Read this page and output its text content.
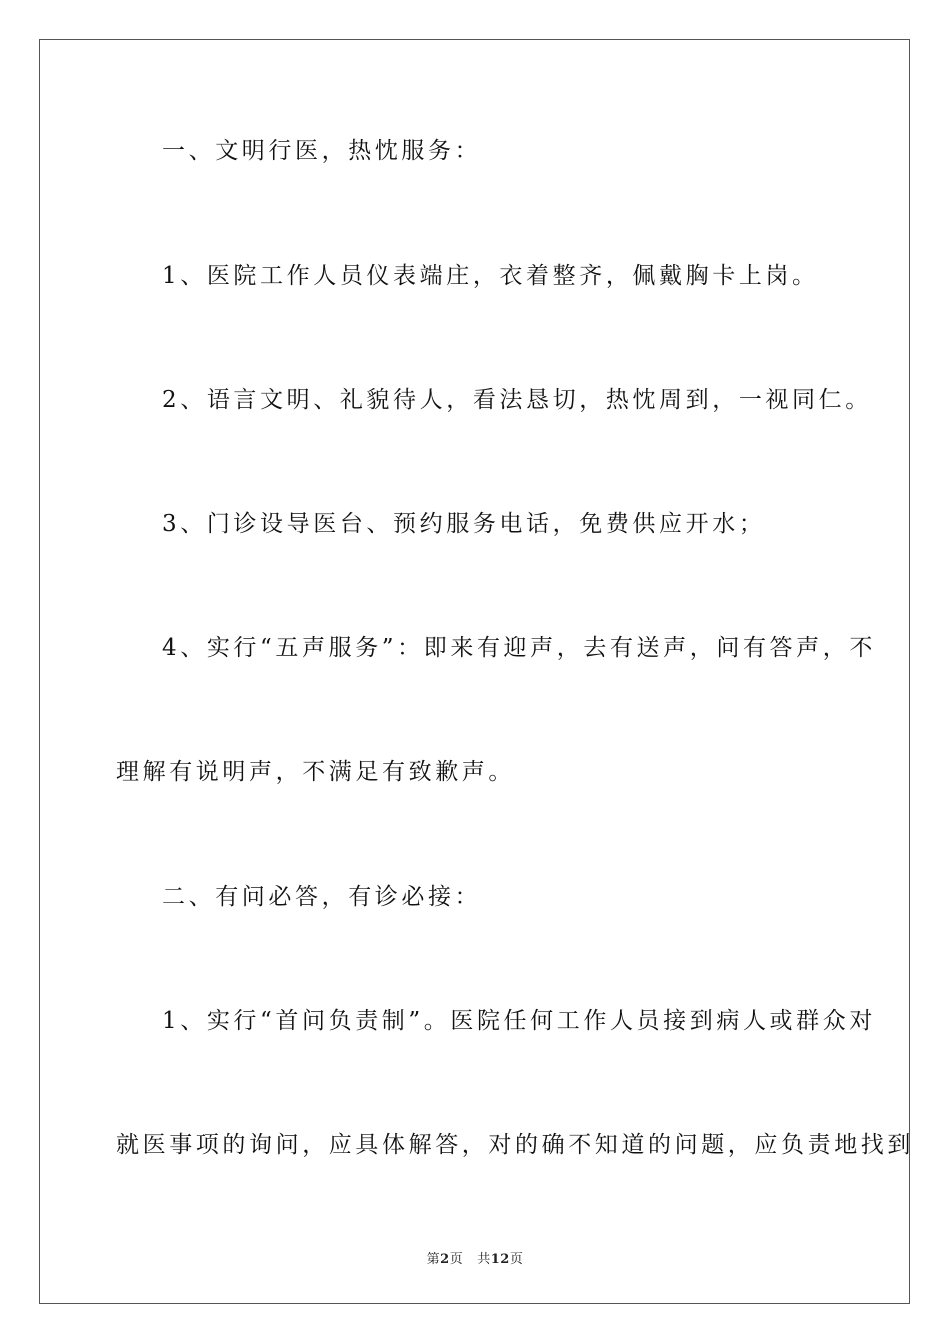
一、文明行医，热忱服务：
1、医院工作人员仪表端庄，衣着整齐，佩戴胸卡上岗。
2、语言文明、礼貌待人，看法恳切，热忱周到，一视同仁。
3、门诊设导医台、预约服务电话，免费供应开水；
4、实行“五声服务”：即来有迎声，去有送声，问有答声，不
理解有说明声，不满足有致歉声。
二、有问必答，有诊必接：
1、实行“首问负责制”。医院任何工作人员接到病人或群众对
就医事项的询问，应具体解答，对的确不知道的问题，应负责地找到
第2页 共12页
